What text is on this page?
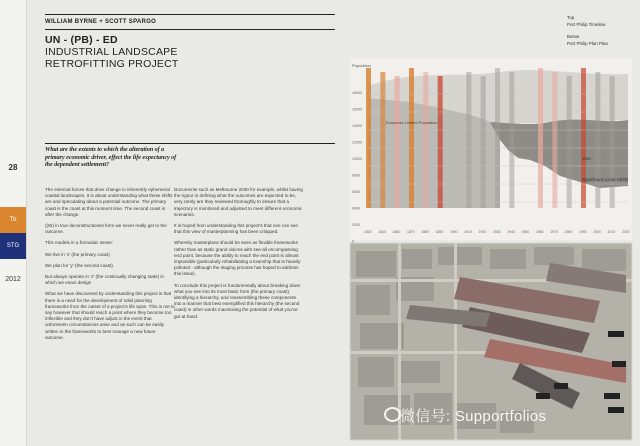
28
Tb
STG
2012
WILLIAM BYRNE + SCOTT SPARGO
UN - (PB) - ED
INDUSTRIAL LANDSCAPE
RETROFITTING PROJECT
Top
Port Philip Timeline
Below
Port Philip Plan Plan
What are the extents to which the alteration of a primary economic driver, effect the life expectancy of the dependent settlement?

The external forces that drive change in inherently ephemeral coastal landscapes. It is about understanding what these shifts are and speculating about a potential outcome. The primary coast is the coast at this moment time. The second coast is after the change.

((W) in true deconstructionist form we never really get to the outcome.

This models in a formulaic sense:

We live in 'x' (the primary coast)

We plan for 'y' (the second coast)

But always operate in 'z' (the continually changing state) in which we enact design

What we have discovered by understanding this project is that there is a need for the development of solid planning frameworks from the outset of a project's life span. This is not to say however that should reach a point where they become too inflexible and they don't have adjust in the event that unforeseen circumstances arise and as such can be easily written in the frameworks to best manage a new future outcome.

Documents such as Melbourne 2030 for example, whilst having the rigour in defining what the outcomes are expected to be, very rarely are they reviewed thoroughly to ensure that a trajectory is monitored and adjusted to meet different economic scenarios.

It is hoped from understanding this project's that one can see that this view of masterplanning has been critiqued.

Whereby masterplans should be seen as flexible frameworks rather than as static grand visions with see-all encompassing end point, because the ability to reach the end point is almost impossible (particularly rehabilitating a township that is heavily polluted - although the staging process has hoped to address this issue).

To conclude this project is fundamentally about breaking down what you see into its most basic form (the primary coast), identifying a hierarchy, and reassembling these components into a manner that best exemplified this hierarchy (the second coast) in other words maximising the potential of what you've got at hand.

Population
18000
16000
14000
12000
10000
8000
6000
4000
2000
0
1820 1840 1860 1870 1880 1890 1900 1910 1920 1930 1940 1950 1960 1970 1980 1990 2000 2010 2020
Economic Limited Population
1962
Significant Local Shifts
微信号: Supportfolios
